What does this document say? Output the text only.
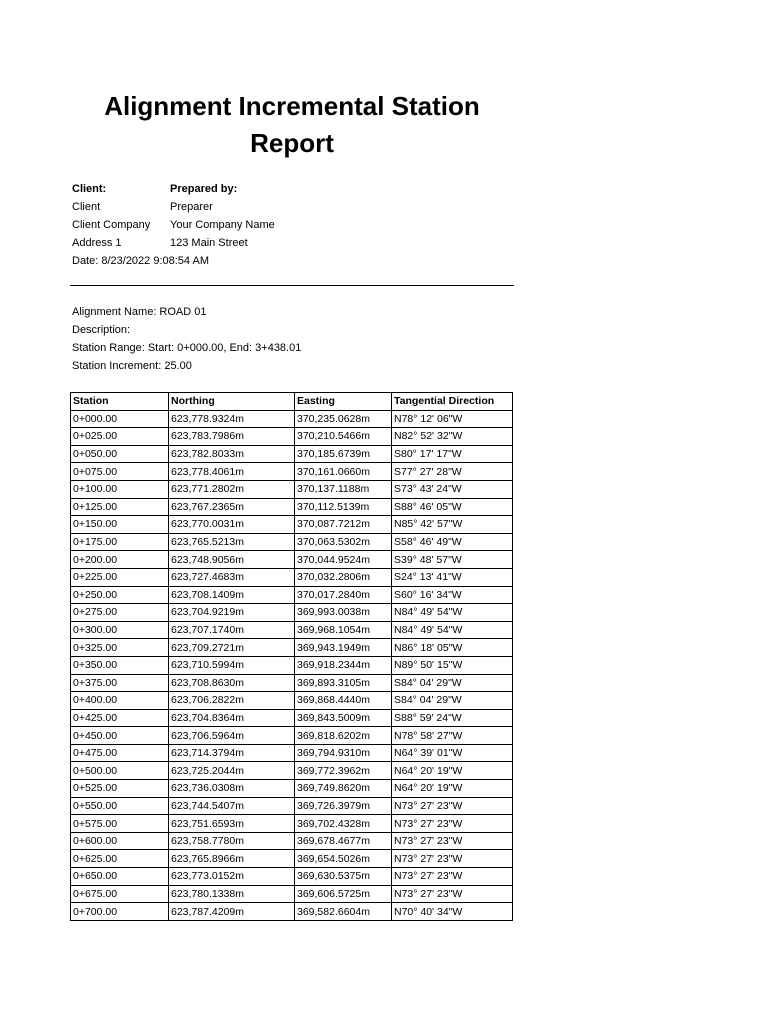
Alignment Incremental Station Report
Client:	Prepared by:
Client	Preparer
Client Company	Your Company Name
Address 1	123 Main Street
Date: 8/23/2022 9:08:54 AM
Alignment Name: ROAD 01
Description:
Station Range: Start: 0+000.00, End: 3+438.01
Station Increment: 25.00
Station	Northing	Easting	Tangential Direction
0+000.00	623,778.9324m	370,235.0628m	N78° 12' 06"W
0+025.00	623,783.7986m	370,210.5466m	N82° 52' 32"W
0+050.00	623,782.8033m	370,185.6739m	S80° 17' 17"W
0+075.00	623,778.4061m	370,161.0660m	S77° 27' 28"W
0+100.00	623,771.2802m	370,137.1188m	S73° 43' 24"W
0+125.00	623,767.2365m	370,112.5139m	S88° 46' 05"W
0+150.00	623,770.0031m	370,087.7212m	N85° 42' 57"W
0+175.00	623,765.5213m	370,063.5302m	S58° 46' 49"W
0+200.00	623,748.9056m	370,044.9524m	S39° 48' 57"W
0+225.00	623,727.4683m	370,032.2806m	S24° 13' 41"W
0+250.00	623,708.1409m	370,017.2840m	S60° 16' 34"W
0+275.00	623,704.9219m	369,993.0038m	N84° 49' 54"W
0+300.00	623,707.1740m	369,968.1054m	N84° 49' 54"W
0+325.00	623,709.2721m	369,943.1949m	N86° 18' 05"W
0+350.00	623,710.5994m	369,918.2344m	N89° 50' 15"W
0+375.00	623,708.8630m	369,893.3105m	S84° 04' 29"W
0+400.00	623,706.2822m	369,868.4440m	S84° 04' 29"W
0+425.00	623,704.8364m	369,843.5009m	S88° 59' 24"W
0+450.00	623,706.5964m	369,818.6202m	N78° 58' 27"W
0+475.00	623,714.3794m	369,794.9310m	N64° 39' 01"W
0+500.00	623,725.2044m	369,772.3962m	N64° 20' 19"W
0+525.00	623,736.0308m	369,749.8620m	N64° 20' 19"W
0+550.00	623,744.5407m	369,726.3979m	N73° 27' 23"W
0+575.00	623,751.6593m	369,702.4328m	N73° 27' 23"W
0+600.00	623,758.7780m	369,678.4677m	N73° 27' 23"W
0+625.00	623,765.8966m	369,654.5026m	N73° 27' 23"W
0+650.00	623,773.0152m	369,630.5375m	N73° 27' 23"W
0+675.00	623,780.1338m	369,606.5725m	N73° 27' 23"W
0+700.00	623,787.4209m	369,582.6604m	N70° 40' 34"W
